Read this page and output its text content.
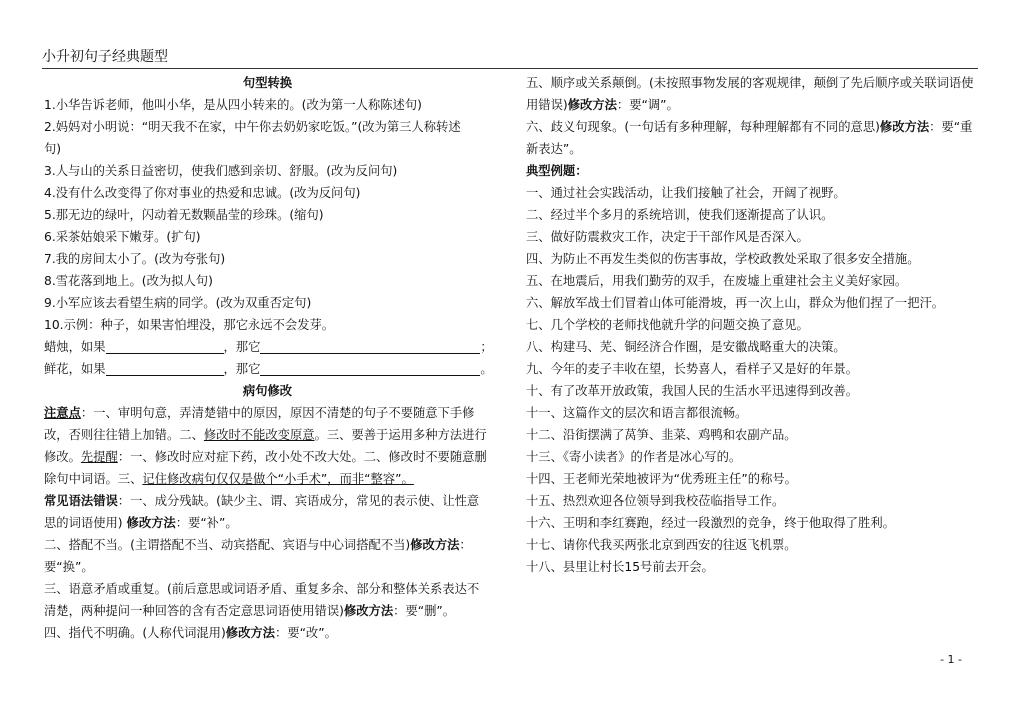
小升初句子经典题型
句型转换
1.小华告诉老师，他叫小华，是从四小转来的。(改为第一人称陈述句)
2.妈妈对小明说：“明天我不在家，中午你去奶奶家吃饭。”(改为第三人称转述
句)
3.人与山的关系日益密切，使我们感到亲切、舒服。(改为反问句)
4.没有什么改变得了你对事业的热爱和忠诚。(改为反问句)
5.那无边的绿叶，闪动着无数颗晶莹的珍珠。(缩句)
6.采茶姑娘采下嫩芽。(扩句)
7.我的房间太小了。(改为夸张句)
8.雪花落到地上。(改为拟人句)
9.小军应该去看望生病的同学。(改为双重否定句)
10.示例：种子，如果害怕埋没，那它永远不会发芽。
蜡烛，如果	，那它	；
鲜花，如果	，那它	。
病句修改
注意点：一、审明句意，弄清楚错中的原因，原因不清楚的句子不要随意下手修改，否则往往错上加错。二、修改时不能改变原意。三、要善于运用多种方法进行修改。先提醒：一、修改时应对症下药，改小处不改大处。二、修改时不要随意删除句中词语。三、记住修改病句仅仅是做个“小手术”，而非“整容”。
常见语法错误：一、成分残缺。(缺少主、谓、宾语成分，常见的表示使、让性意思的词语使用) 修改方法：要“补”。
二、搭配不当。(主谓搭配不当、动宾搭配、宾语与中心词搭配不当)修改方法：要“换”。
三、语意矛盾或重复。(前后意思或词语矛盾、重复多余、部分和整体关系表达不清楚，两种提问一种回答的含有否定意思词语使用错误)修改方法：要“删”。
四、指代不明确。(人称代词混用)修改方法：要“改”。
五、顺序或关系颠倒。(未按照事物发展的客观规律，颠倒了先后顺序或关联词语使用错误)修改方法：要“调”。
六、歧义句现象。(一句话有多种理解，每种理解都有不同的意思)修改方法：要“重新表达”。
典型例题：
一、通过社会实践活动，让我们接触了社会，开阔了视野。
二、经过半个多月的系统培训，使我们逐渐提高了认识。
三、做好防震救灾工作，决定于干部作风是否深入。
四、为防止不再发生类似的伤害事故，学校政教处采取了很多安全措施。
五、在地震后，用我们勤劳的双手，在废墟上重建社会主义美好家园。
六、解放军战士们冒着山体可能滑坡，再一次上山，群众为他们捏了一把汗。
七、几个学校的老师找他就升学的问题交换了意见。
八、构建马、芜、铜经济合作圈，是安徽战略重大的决策。
九、今年的麦子丰收在望，长势喜人，看样子又是好的年景。
十、有了改革开放政策，我国人民的生活水平迅速得到改善。
十一、这篇作文的层次和语言都很流畅。
十二、沿街摆满了莴笋、韭菜、鸡鸭和农副产品。
十三、《寄小读者》的作者是冰心写的。
十四、王老师光荣地被评为“优秀班主任”的称号。
十五、热烈欢迎各位领导到我校莅临指导工作。
十六、王明和李红赛跑，经过一段激烈的竞争，终于他取得了胜利。
十七、请你代我买两张北京到西安的往返飞机票。
十八、县里让村长15号前去开会。
- 1 -
